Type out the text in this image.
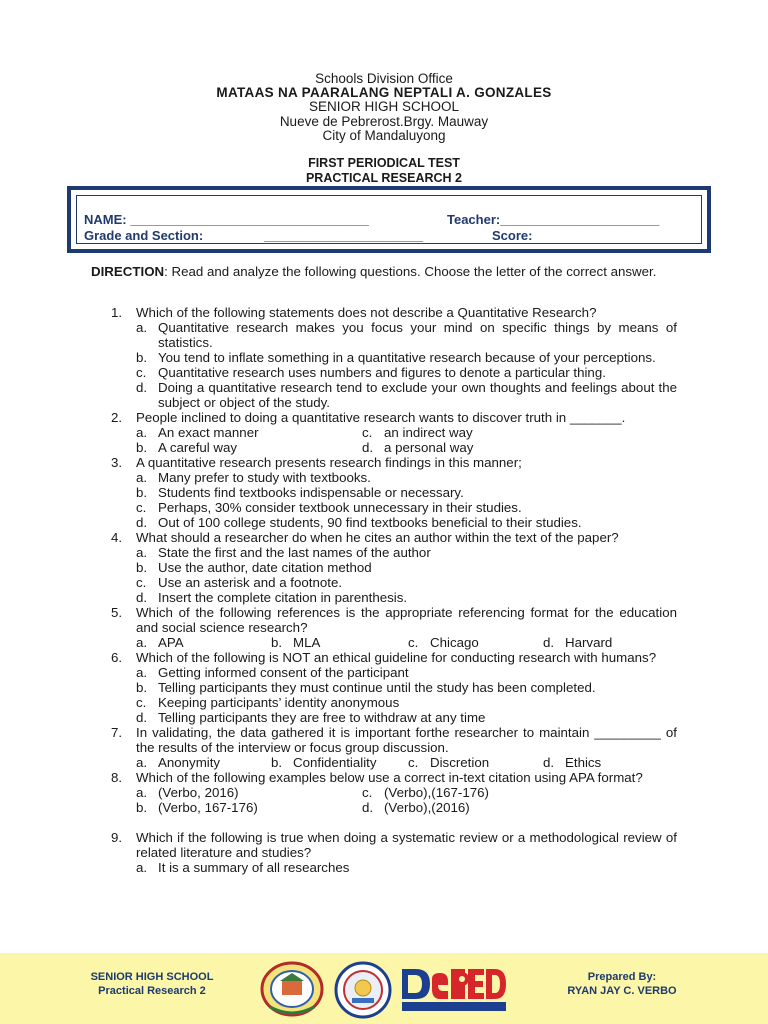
Schools Division Office
MATAAS NA PAARALANG NEPTALI A. GONZALES
SENIOR HIGH SCHOOL
Nueve de Pebrerost.Brgy. Mauway
City of Mandaluyong
FIRST PERIODICAL TEST
PRACTICAL RESEARCH 2
NAME: _________________________________	Teacher:______________________
Grade and Section:	______________________	Score:
DIRECTION: Read and analyze the following questions. Choose the letter of the correct answer.
1. Which of the following statements does not describe a Quantitative Research?
a. Quantitative research makes you focus your mind on specific things by means of statistics.
b. You tend to inflate something in a quantitative research because of your perceptions.
c. Quantitative research uses numbers and figures to denote a particular thing.
d. Doing a quantitative research tend to exclude your own thoughts and feelings about the subject or object of the study.
2. People inclined to doing a quantitative research wants to discover truth in _______.
a. An exact manner	c. an indirect way
b. A careful way	d. a personal way
3. A quantitative research presents research findings in this manner;
a. Many prefer to study with textbooks.
b. Students find textbooks indispensable or necessary.
c. Perhaps, 30% consider textbook unnecessary in their studies.
d. Out of 100 college students, 90 find textbooks beneficial to their studies.
4. What should a researcher do when he cites an author within the text of the paper?
a. State the first and the last names of the author
b. Use the author, date citation method
c. Use an asterisk and a footnote.
d. Insert the complete citation in parenthesis.
5. Which of the following references is the appropriate referencing format for the education and social science research?
a. APA	b. MLA	c. Chicago	d. Harvard
6. Which of the following is NOT an ethical guideline for conducting research with humans?
a. Getting informed consent of the participant
b. Telling participants they must continue until the study has been completed.
c. Keeping participants’ identity anonymous
d. Telling participants they are free to withdraw at any time
7. In validating, the data gathered it is important forthe researcher to maintain _________ of the results of the interview or focus group discussion.
a. Anonymity	b. Confidentiality	c. Discretion	d. Ethics
8. Which of the following examples below use a correct in-text citation using APA format?
a. (Verbo, 2016)	c. (Verbo),(167-176)
b. (Verbo, 167-176)	d. (Verbo),(2016)
9. Which if the following is true when doing a systematic review or a methodological review of related literature and studies?
a. It is a summary of all researches
SENIOR HIGH SCHOOL
Practical Research 2
Prepared By:
RYAN JAY C. VERBO
